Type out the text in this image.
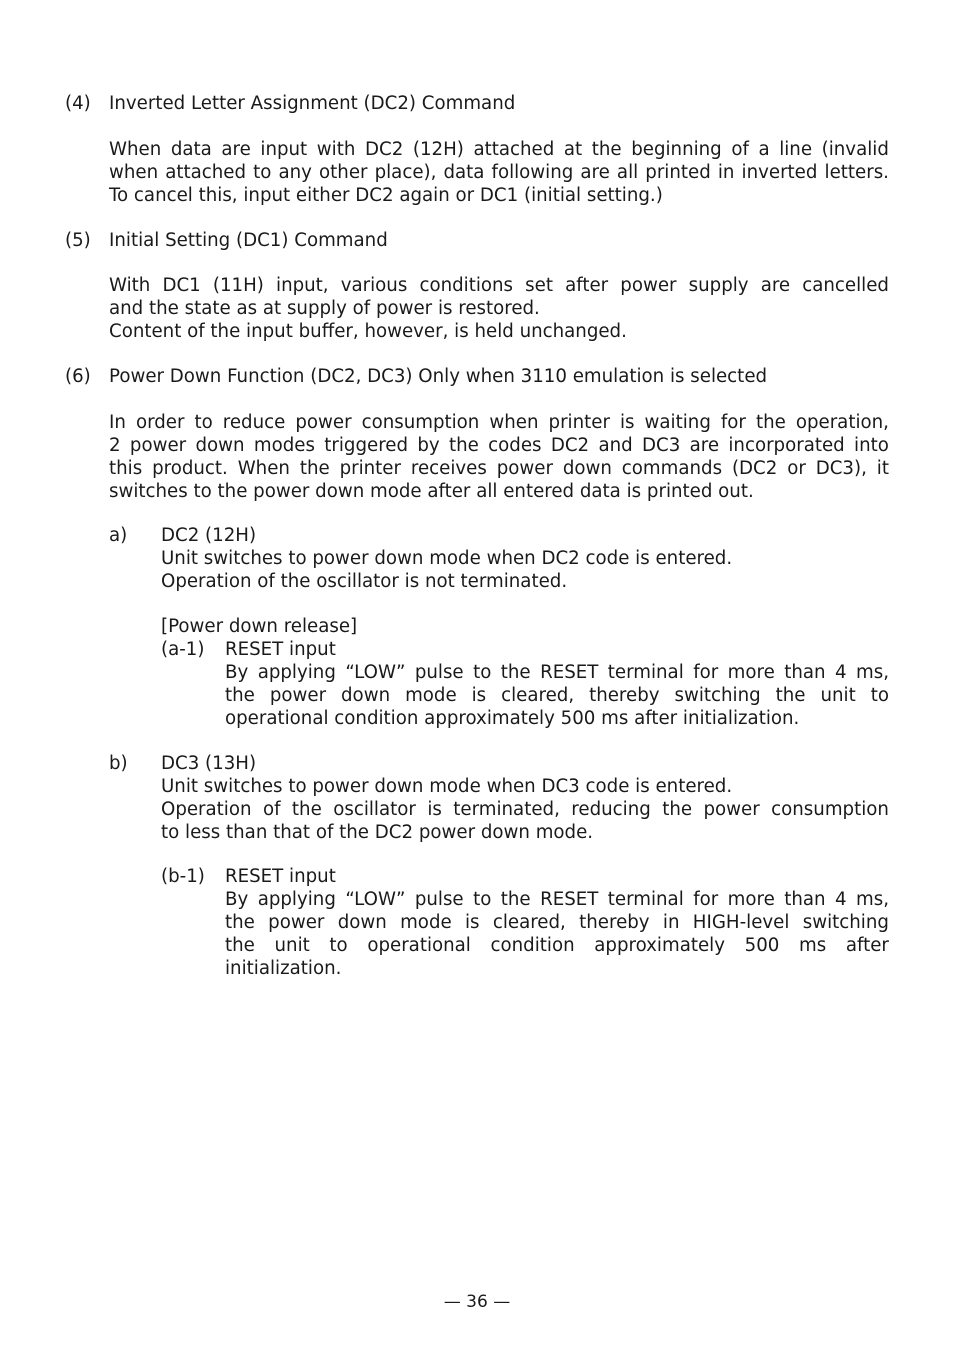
(4) Inverted Letter Assignment (DC2) Command
When data are input with DC2 (12H) attached at the beginning of a line (invalid
when attached to any other place), data following are all printed in inverted letters.
To cancel this, input either DC2 again or DC1 (initial setting.)
(5) Initial Setting (DC1) Command
With DC1 (11H) input, various conditions set after power supply are cancelled
and the state as at supply of power is restored.
Content of the input buffer, however, is held unchanged.
(6) Power Down Function (DC2, DC3) Only when 3110 emulation is selected
In order to reduce power consumption when printer is waiting for the operation,
2 power down modes triggered by the codes DC2 and DC3 are incorporated into
this product. When the printer receives power down commands (DC2 or DC3), it
switches to the power down mode after all entered data is printed out.
a) DC2 (12H)
Unit switches to power down mode when DC2 code is entered.
Operation of the oscillator is not terminated.
[Power down release]
(a-1) RESET input
By applying “LOW” pulse to the RESET terminal for more than 4 ms,
the power down mode is cleared, thereby switching the unit to
operational condition approximately 500 ms after initialization.
b) DC3 (13H)
Unit switches to power down mode when DC3 code is entered.
Operation of the oscillator is terminated, reducing the power consumption
to less than that of the DC2 power down mode.
(b-1) RESET input
By applying “LOW” pulse to the RESET terminal for more than 4 ms,
the power down mode is cleared, thereby in HIGH-level switching
the unit to operational condition approximately 500 ms after
initialization.
— 36 —
